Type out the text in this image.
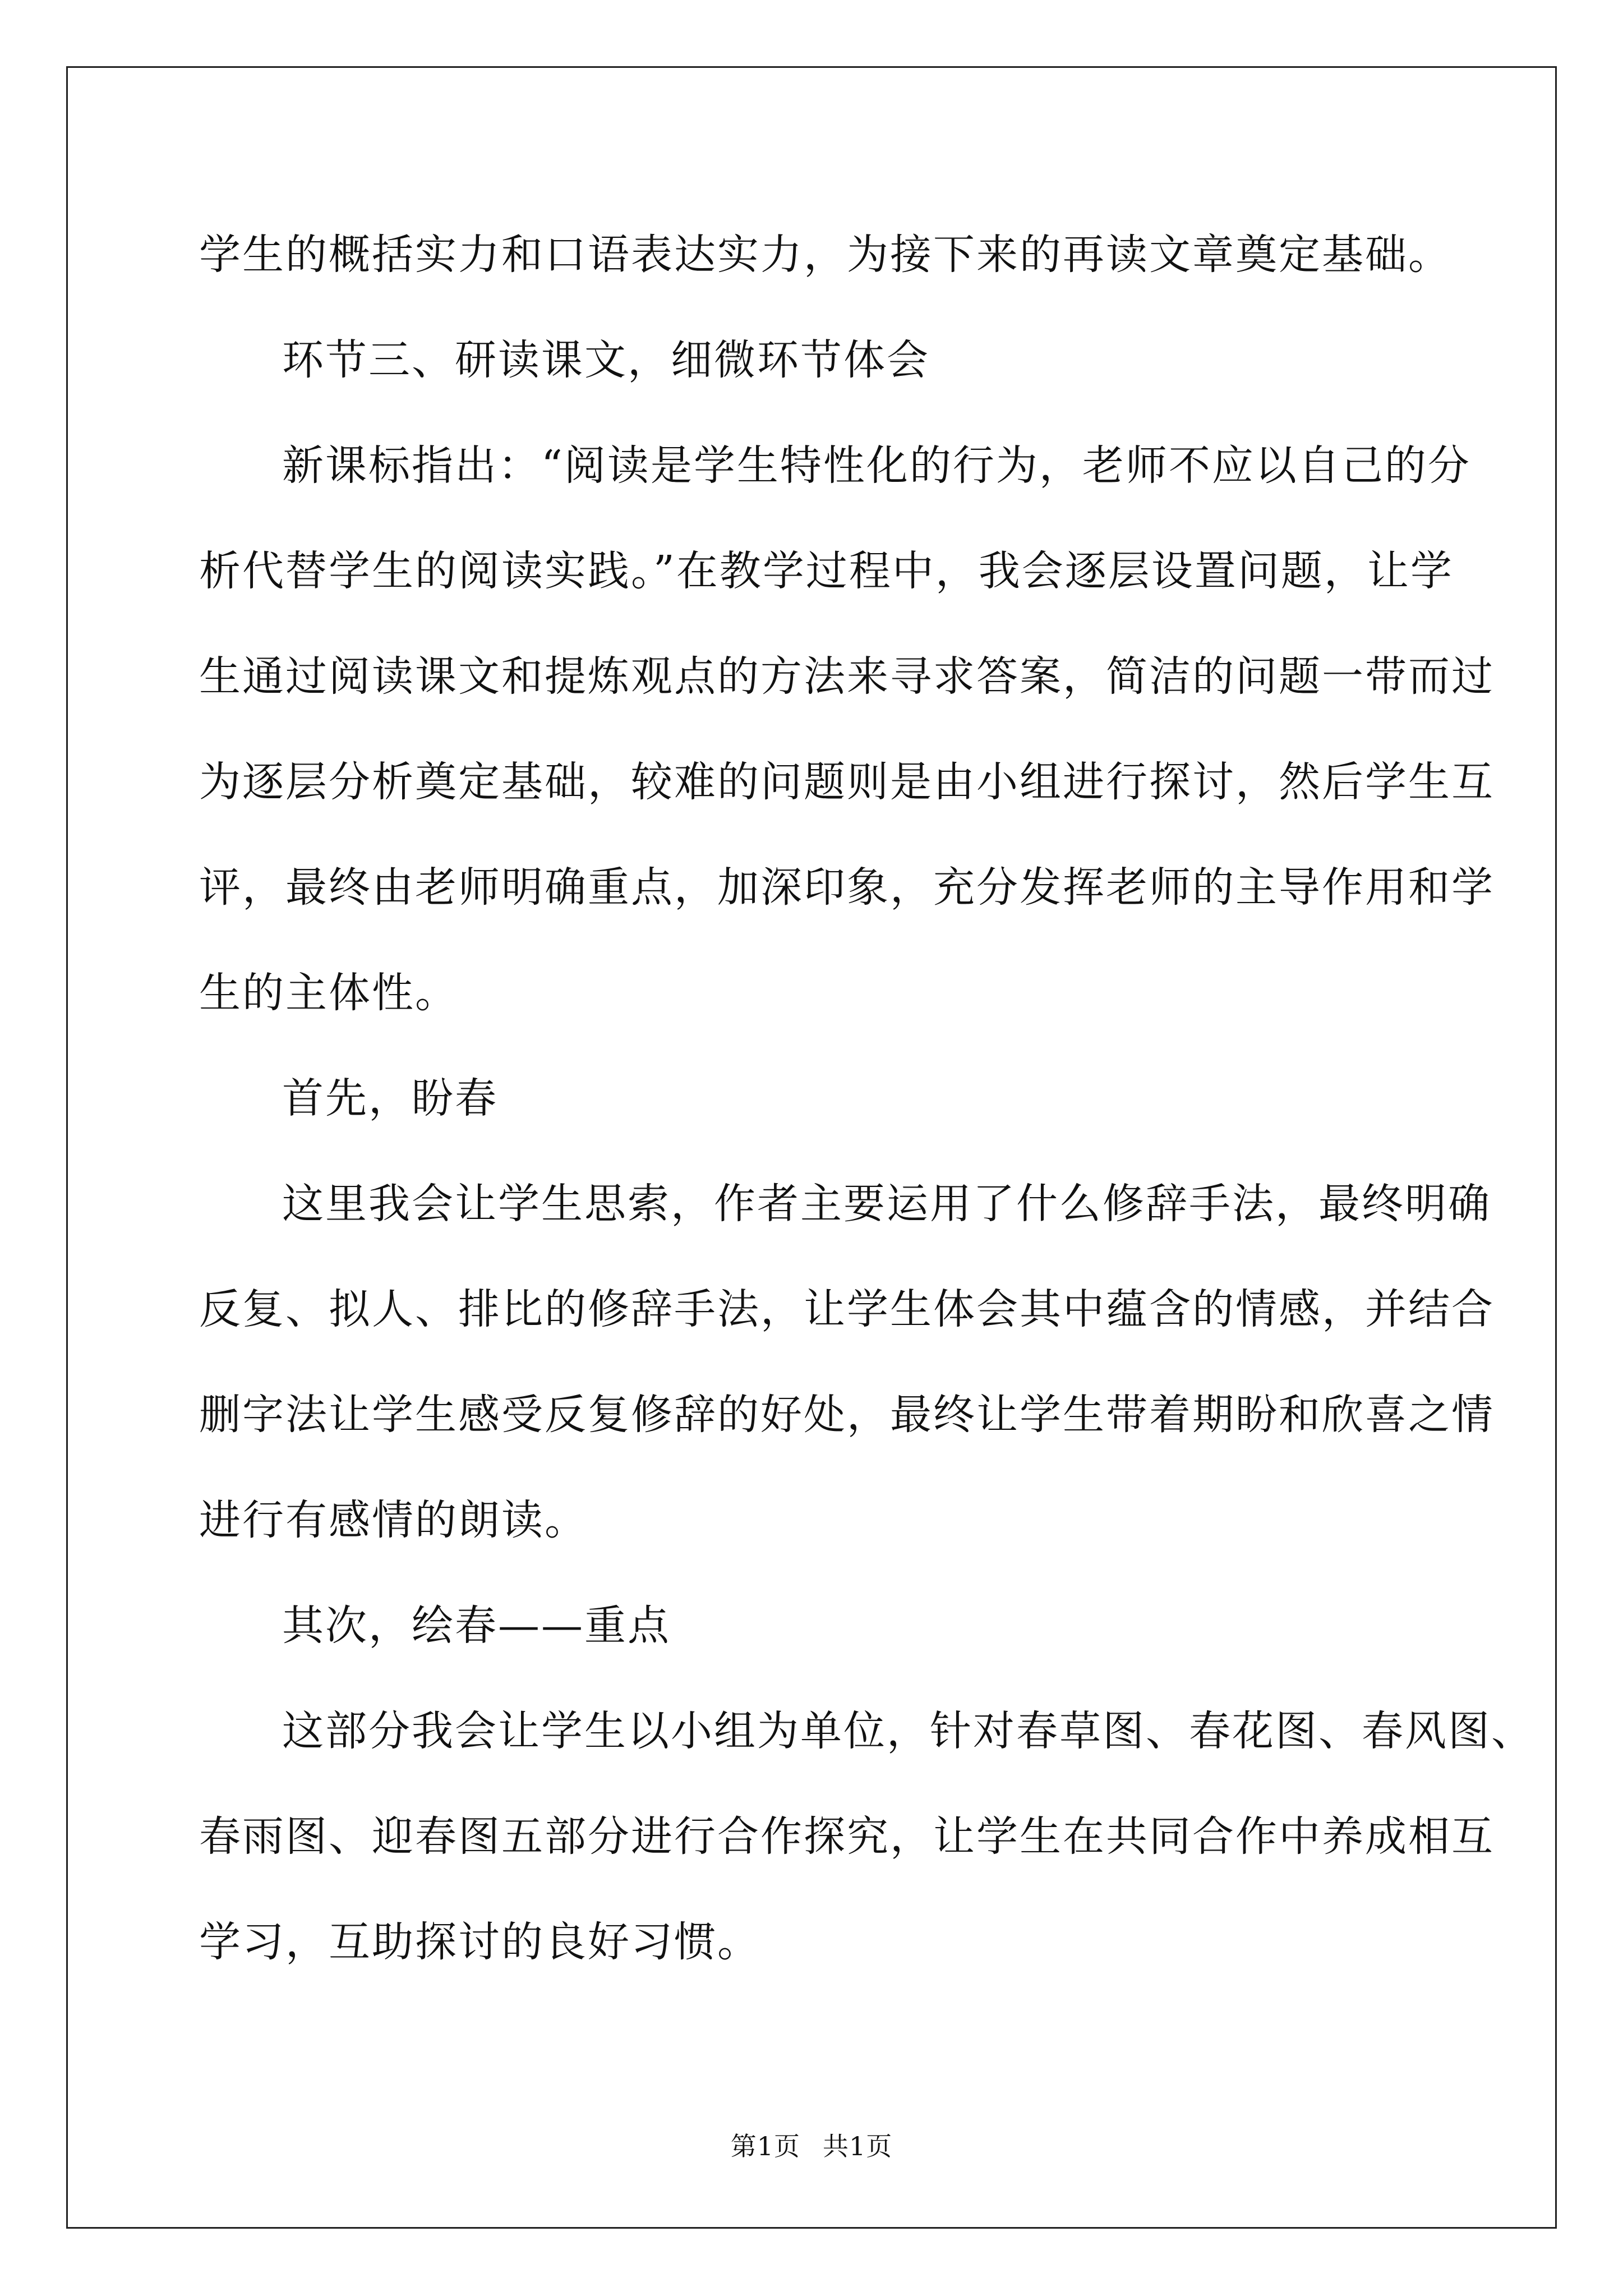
学生的概括实力和口语表达实力，为接下来的再读文章奠定基础。

环节三、研读课文，细微环节体会

新课标指出：“阅读是学生特性化的行为，老师不应以自己的分

析代替学生的阅读实践。”在教学过程中，我会逐层设置问题，让学

生通过阅读课文和提炼观点的方法来寻求答案，简洁的问题一带而过

为逐层分析奠定基础，较难的问题则是由小组进行探讨，然后学生互

评，最终由老师明确重点，加深印象，充分发挥老师的主导作用和学

生的主体性。

首先，盼春

这里我会让学生思索，作者主要运用了什么修辞手法，最终明确

反复、拟人、排比的修辞手法，让学生体会其中蕴含的情感，并结合

删字法让学生感受反复修辞的好处，最终让学生带着期盼和欣喜之情

进行有感情的朗读。

其次，绘春——重点

这部分我会让学生以小组为单位，针对春草图、春花图、春风图、

春雨图、迎春图五部分进行合作探究，让学生在共同合作中养成相互

学习，互助探讨的良好习惯。

第1页 共1页
